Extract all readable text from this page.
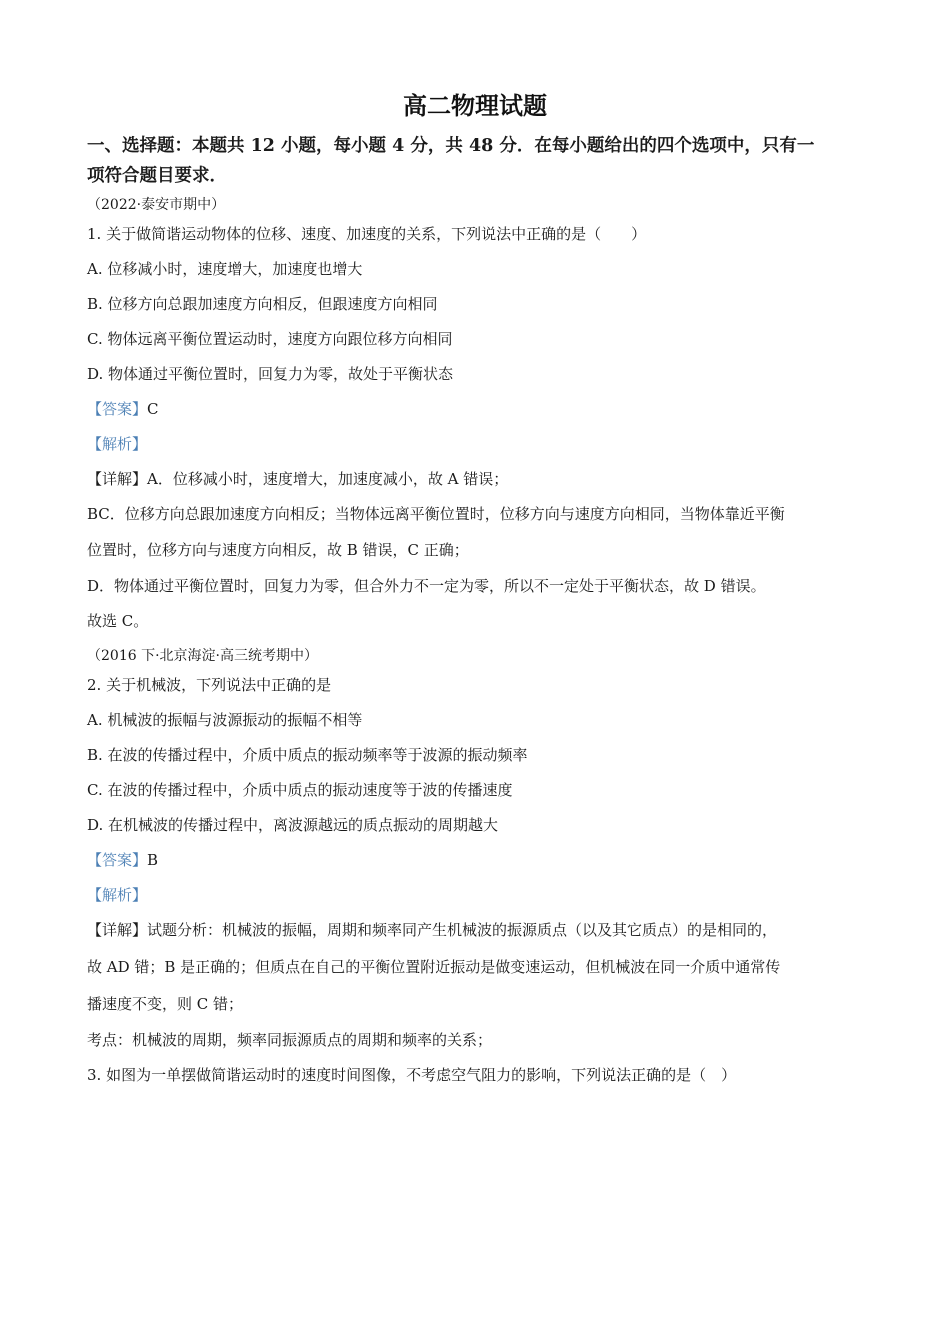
高二物理试题
一、选择题：本题共 12 小题，每小题 4 分，共 48 分．在每小题给出的四个选项中，只有一
项符合题目要求．
（2022·泰安市期中）
1. 关于做简谐运动物体的位移、速度、加速度的关系，下列说法中正确的是（　　）
A. 位移减小时，速度增大，加速度也增大
B. 位移方向总跟加速度方向相反，但跟速度方向相同
C. 物体远离平衡位置运动时，速度方向跟位移方向相同
D. 物体通过平衡位置时，回复力为零，故处于平衡状态
【答案】C
【解析】
【详解】A．位移减小时，速度增大，加速度减小，故 A 错误；
BC．位移方向总跟加速度方向相反；当物体远离平衡位置时，位移方向与速度方向相同，当物体靠近平衡
位置时，位移方向与速度方向相反，故 B 错误，C 正确；
D．物体通过平衡位置时，回复力为零，但合外力不一定为零，所以不一定处于平衡状态，故 D 错误。
故选 C。
（2016 下·北京海淀·高三统考期中）
2. 关于机械波，下列说法中正确的是
A. 机械波的振幅与波源振动的振幅不相等
B. 在波的传播过程中，介质中质点的振动频率等于波源的振动频率
C. 在波的传播过程中，介质中质点的振动速度等于波的传播速度
D. 在机械波的传播过程中，离波源越远的质点振动的周期越大
【答案】B
【解析】
【详解】试题分析：机械波的振幅，周期和频率同产生机械波的振源质点（以及其它质点）的是相同的，
故 AD 错；B 是正确的；但质点在自己的平衡位置附近振动是做变速运动，但机械波在同一介质中通常传
播速度不变，则 C 错；
考点：机械波的周期，频率同振源质点的周期和频率的关系；
3. 如图为一单摆做简谐运动时的速度时间图像，不考虑空气阻力的影响，下列说法正确的是（　）
